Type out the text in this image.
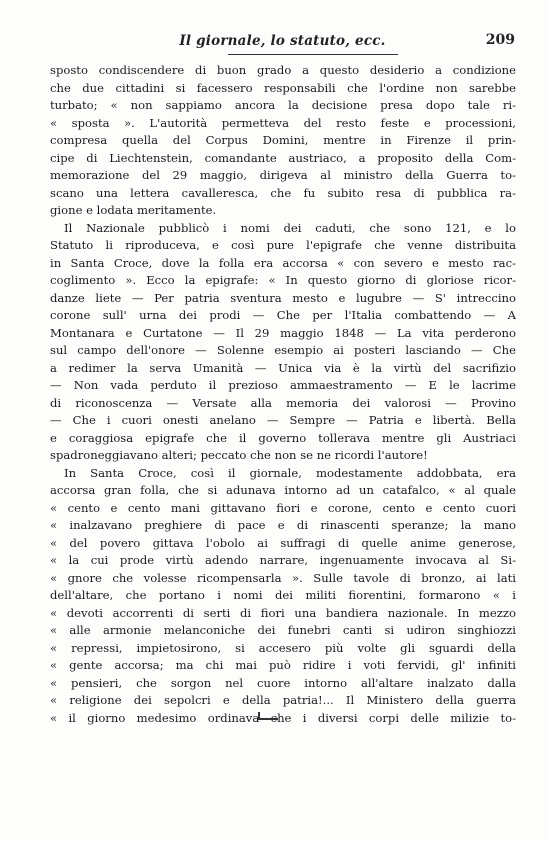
Il giornale, lo statuto, ecc.	209
sposto condiscendere di buon grado a questo desiderio a condizione
che due cittadini si facessero responsabili che l'ordine non sarebbe
turbato; « non sappiamo ancora la decisione presa dopo tale ri-
« sposta ». L'autorità permetteva del resto feste e processioni,
compresa quella del Corpus Domini, mentre in Firenze il prin-
cipe di Liechtenstein, comandante austriaco, a proposito della Com-
memorazione del 29 maggio, dirigeva al ministro della Guerra to-
scano una lettera cavalleresca, che fu subito resa di pubblica ra-
gione e lodata meritamente.
Il Nazionale pubblicò i nomi dei caduti, che sono 121, e lo
Statuto li riproduceva, e così pure l'epigrafe che venne distribuita
in Santa Croce, dove la folla era accorsa « con severo e mesto rac-
coglimento ». Ecco la epigrafe: « In questo giorno di gloriose ricor-
danze liete — Per patria sventura mesto e lugubre — S' intreccino
corone sull' urna dei prodi — Che per l'Italia combattendo — A
Montanara e Curtatone — Il 29 maggio 1848 — La vita perderono
sul campo dell'onore — Solenne esempio ai posteri lasciando — Che
a redimer la serva Umanità — Unica via è la virtù del sacrifizio
— Non vada perduto il prezioso ammaestramento — E le lacrime
di riconoscenza — Versate alla memoria dei valorosi — Provino
— Che i cuori onesti anelano — Sempre — Patria e libertà. Bella
e coraggiosa epigrafe che il governo tollerava mentre gli Austriaci
spadroneggiavano alteri; peccato che non se ne ricordi l'autore!
In Santa Croce, così il giornale, modestamente addobbata, era
accorsa gran folla, che si adunava intorno ad un catafalco, « al quale
« cento e cento mani gittavano fiori e corone, cento e cento cuori
« inalzavano preghiere di pace e di rinascenti speranze; la mano
« del povero gittava l'obolo ai suffragi di quelle anime generose,
« la cui prode virtù adendo narrare, ingenuamente invocava al Si-
« gnore che volesse ricompensarla ». Sulle tavole di bronzo, ai lati
dell'altare, che portano i nomi dei militi fiorentini, formarono « i
« devoti accorrenti di serti di fiori una bandiera nazionale. In mezzo
« alle armonie melanconiche dei funebri canti si udiron singhiozzi
« repressi, impietosirono, si accesero più volte gli sguardi della
« gente accorsa; ma chi mai può ridire i voti fervidi, gl' infiniti
« pensieri, che sorgon nel cuore intorno all'altare inalzato dalla
« religione dei sepolcri e della patria!... Il Ministero della guerra
« il giorno medesimo ordinava che i diversi corpi delle milizie to-
